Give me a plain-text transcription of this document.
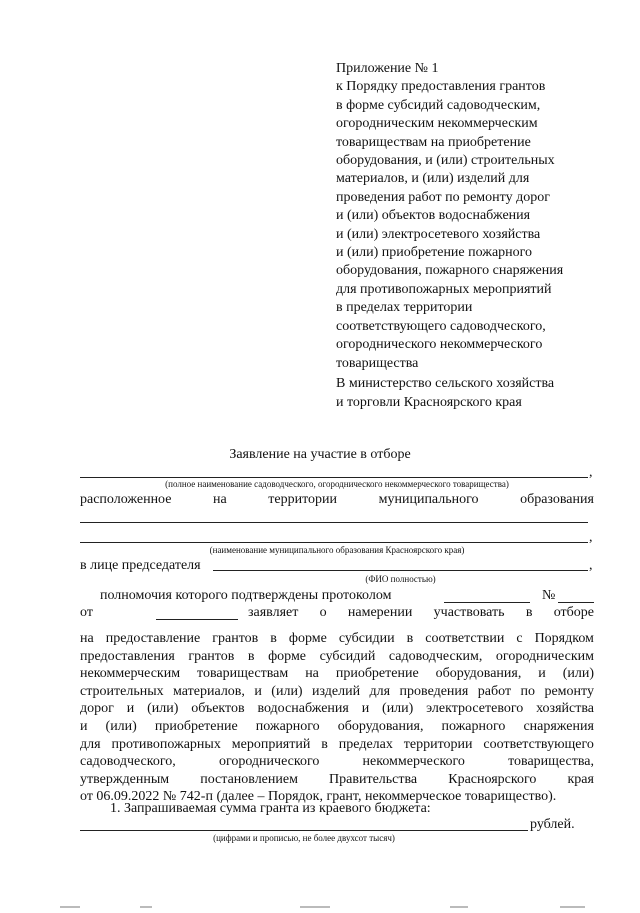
Приложение № 1
к Порядку предоставления грантов
в форме субсидий садоводческим,
огородническим некоммерческим
товариществам на приобретение
оборудования, и (или) строительных
материалов, и (или) изделий для
проведения работ по ремонту дорог
и (или) объектов водоснабжения
и (или) электросетевого хозяйства
и (или) приобретение пожарного
оборудования, пожарного снаряжения
для противопожарных мероприятий
в пределах территории
соответствующего садоводческого,
огороднического некоммерческого
товарищества
В министерство сельского хозяйства
и торговли Красноярского края
Заявление на участие в отборе
,
(полное наименование садоводческого, огороднического некоммерческого товарищества)
расположенное	на	территории	муниципального	образования
,
(наименование муниципального образования Красноярского края)
в лице председателя	,
(ФИО полностью)
полномочия которого подтверждены протоколом	№
от	заявляет о намерении участвовать в отборе
на предоставление грантов в форме субсидии в соответствии с Порядком
предоставления грантов в форме субсидий садоводческим, огородническим
некоммерческим товариществам на приобретение оборудования, и (или)
строительных материалов, и (или) изделий для проведения работ по ремонту
дорог и (или) объектов водоснабжения и (или) электросетевого хозяйства
и (или) приобретение пожарного оборудования, пожарного снаряжения
для противопожарных мероприятий в пределах территории соответствующего
садоводческого,	огороднического	некоммерческого	товарищества,
утвержденным постановлением Правительства Красноярского края
от 06.09.2022 № 742-п (далее – Порядок, грант, некоммерческое товарищество).
1. Запрашиваемая сумма гранта из краевого бюджета:
рублей.
(цифрами и прописью, не более двухсот тысяч)
